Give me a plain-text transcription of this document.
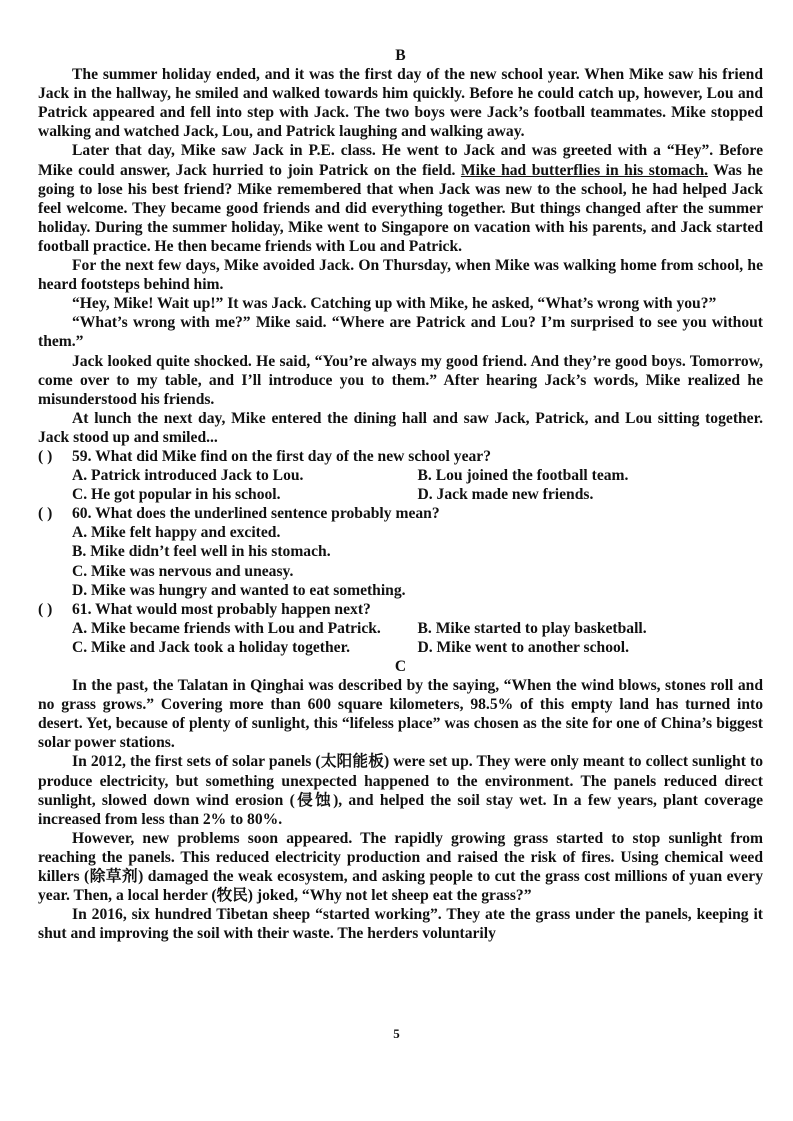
B

The summer holiday ended, and it was the first day of the new school year. When Mike saw his friend Jack in the hallway, he smiled and walked towards him quickly. Before he could catch up, however, Lou and Patrick appeared and fell into step with Jack. The two boys were Jack’s football teammates. Mike stopped walking and watched Jack, Lou, and Patrick laughing and walking away.

Later that day, Mike saw Jack in P.E. class. He went to Jack and was greeted with a “Hey”. Before Mike could answer, Jack hurried to join Patrick on the field. Mike had butterflies in his stomach. Was he going to lose his best friend? Mike remembered that when Jack was new to the school, he had helped Jack feel welcome. They became good friends and did everything together. But things changed after the summer holiday. During the summer holiday, Mike went to Singapore on vacation with his parents, and Jack started football practice. He then became friends with Lou and Patrick.

For the next few days, Mike avoided Jack. On Thursday, when Mike was walking home from school, he heard footsteps behind him.

“Hey, Mike! Wait up!” It was Jack. Catching up with Mike, he asked, “What’s wrong with you?”

“What’s wrong with me?” Mike said. “Where are Patrick and Lou? I’m surprised to see you without them.”

Jack looked quite shocked. He said, “You’re always my good friend. And they’re good boys. Tomorrow, come over to my table, and I’ll introduce you to them.” After hearing Jack’s words, Mike realized he misunderstood his friends.

At lunch the next day, Mike entered the dining hall and saw Jack, Patrick, and Lou sitting together. Jack stood up and smiled...

( ) 59. What did Mike find on the first day of the new school year?

A. Patrick introduced Jack to Lou.	B. Lou joined the football team.
C. He got popular in his school.	D. Jack made new friends.

( ) 60. What does the underlined sentence probably mean?

A. Mike felt happy and excited.

B. Mike didn’t feel well in his stomach.

C. Mike was nervous and uneasy.

D. Mike was hungry and wanted to eat something.

( ) 61. What would most probably happen next?

A. Mike became friends with Lou and Patrick.	B. Mike started to play basketball.
C. Mike and Jack took a holiday together.	D. Mike went to another school.

C

In the past, the Talatan in Qinghai was described by the saying, “When the wind blows, stones roll and no grass grows.” Covering more than 600 square kilometers, 98.5% of this empty land has turned into desert. Yet, because of plenty of sunlight, this “lifeless place” was chosen as the site for one of China’s biggest solar power stations.

In 2012, the first sets of solar panels (太阳能板) were set up. They were only meant to collect sunlight to produce electricity, but something unexpected happened to the environment. The panels reduced direct sunlight, slowed down wind erosion (侵蚀), and helped the soil stay wet. In a few years, plant coverage increased from less than 2% to 80%.

However, new problems soon appeared. The rapidly growing grass started to stop sunlight from reaching the panels. This reduced electricity production and raised the risk of fires. Using chemical weed killers (除草剂) damaged the weak ecosystem, and asking people to cut the grass cost millions of yuan every year. Then, a local herder (牧民) joked, “Why not let sheep eat the grass?”

In 2016, six hundred Tibetan sheep “started working”. They ate the grass under the panels, keeping it shut and improving the soil with their waste. The herders voluntarily

5
